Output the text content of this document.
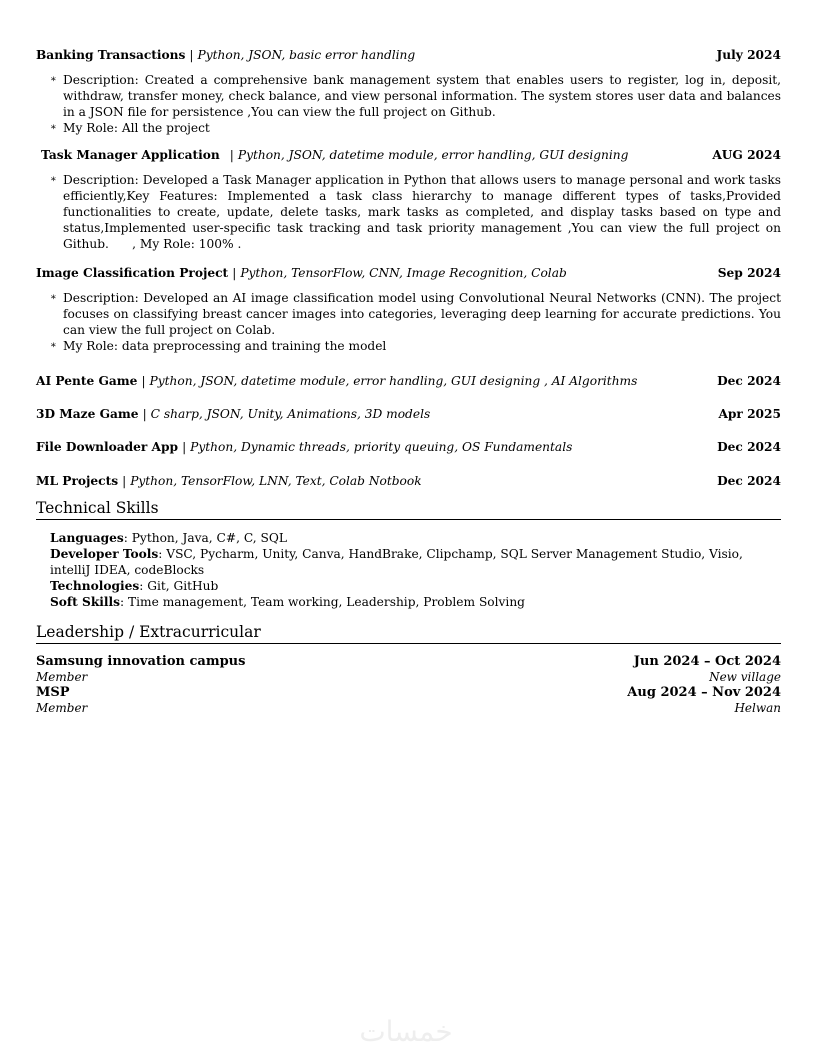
Banking Transactions | Python, JSON, basic error handling	July 2024
∗ Description: Created a comprehensive bank management system that enables users to register, log in, deposit, withdraw, transfer money, check balance, and view personal information. The system stores user data and balances in a JSON file for persistence ,You can view the full project on Github.
∗ My Role: All the project
Task Manager Application | Python, JSON, datetime module, error handling, GUI designing	AUG 2024
∗ Description: Developed a Task Manager application in Python that allows users to manage personal and work tasks efficiently,Key Features: Implemented a task class hierarchy to manage different types of tasks,Provided functionalities to create, update, delete tasks, mark tasks as completed, and display tasks based on type and status,Implemented user-specific task tracking and task priority management ,You can view the full project on Github.      , My Role: 100% .
Image Classification Project | Python, TensorFlow, CNN, Image Recognition, Colab	Sep 2024
∗ Description: Developed an AI image classification model using Convolutional Neural Networks (CNN). The project focuses on classifying breast cancer images into categories, leveraging deep learning for accurate predictions. You can view the full project on Colab.
∗ My Role: data preprocessing and training the model
AI Pente Game | Python, JSON, datetime module, error handling, GUI designing , AI Algorithms	Dec 2024
3D Maze Game | C sharp, JSON, Unity, Animations, 3D models	Apr 2025
File Downloader App | Python, Dynamic threads, priority queuing, OS Fundamentals	Dec 2024
ML Projects | Python, TensorFlow, LNN, Text, Colab Notbook	Dec 2024
Technical Skills
Languages: Python, Java, C#, C, SQL
Developer Tools: VSC, Pycharm, Unity, Canva, HandBrake, Clipchamp, SQL Server Management Studio, Visio, intelliJ IDEA, codeBlocks
Technologies: Git, GitHub
Soft Skills: Time management, Team working, Leadership, Problem Solving
Leadership / Extracurricular
Samsung innovation campus	Jun 2024 – Oct 2024
Member	New village
MSP	Aug 2024 – Nov 2024
Member	Helwan
خمسات
